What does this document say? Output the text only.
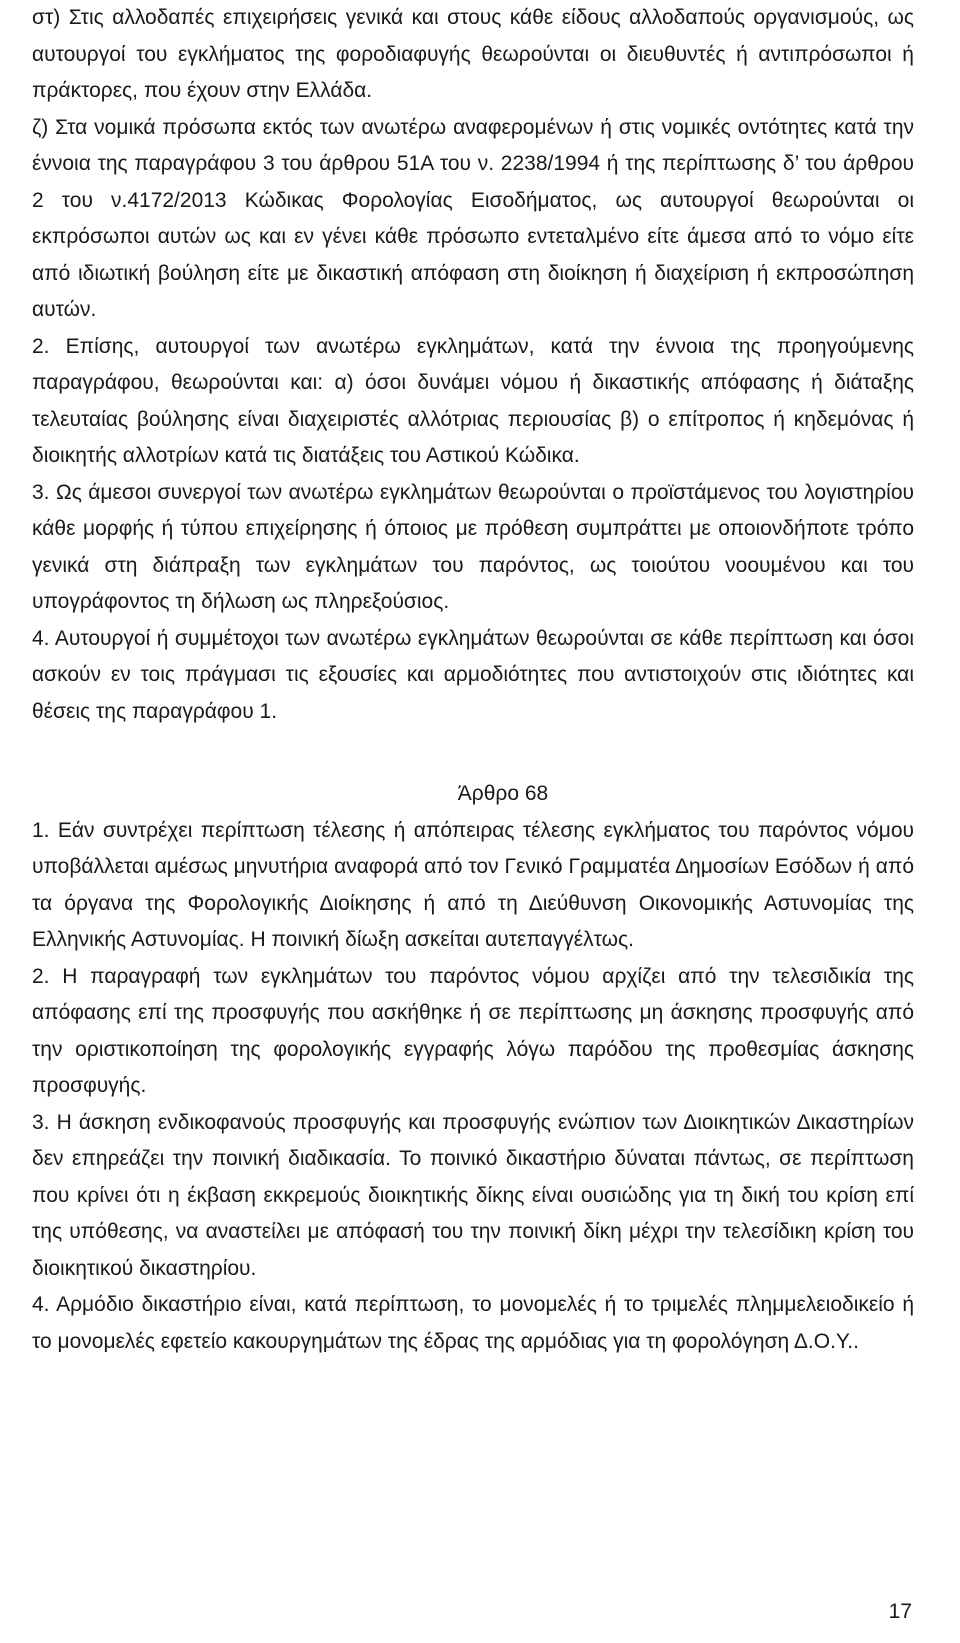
στ) Στις αλλοδαπές επιχειρήσεις γενικά και στους κάθε είδους αλλοδαπούς οργανισμούς, ως αυτουργοί του εγκλήματος της φοροδιαφυγής θεωρούνται οι διευθυντές ή αντιπρόσωποι ή πράκτορες, που έχουν στην Ελλάδα.

ζ) Στα νομικά πρόσωπα εκτός των ανωτέρω αναφερομένων ή στις νομικές οντότητες κατά την έννοια της παραγράφου 3 του άρθρου 51Α του ν. 2238/1994 ή της περίπτωσης δ’ του άρθρου 2 του ν.4172/2013 Κώδικας Φορολογίας Εισοδήματος, ως αυτουργοί θεωρούνται οι εκπρόσωποι αυτών ως και εν γένει κάθε πρόσωπο εντεταλμένο είτε άμεσα από το νόμο είτε από ιδιωτική βούληση είτε με δικαστική απόφαση στη διοίκηση ή διαχείριση ή εκπροσώπηση αυτών.

2. Επίσης, αυτουργοί των ανωτέρω εγκλημάτων, κατά την έννοια της προηγούμενης παραγράφου, θεωρούνται και: α) όσοι δυνάμει νόμου ή δικαστικής απόφασης ή διάταξης τελευταίας βούλησης είναι διαχειριστές αλλότριας περιουσίας β) ο επίτροπος ή κηδεμόνας ή διοικητής αλλοτρίων κατά τις διατάξεις του Αστικού Κώδικα.

3. Ως άμεσοι συνεργοί των ανωτέρω εγκλημάτων θεωρούνται ο προϊστάμενος του λογιστηρίου κάθε μορφής ή τύπου επιχείρησης ή όποιος με πρόθεση συμπράττει με οποιονδήποτε τρόπο γενικά στη διάπραξη των εγκλημάτων του παρόντος, ως τοιούτου νοουμένου και του υπογράφοντος τη δήλωση ως πληρεξούσιος.

4. Αυτουργοί ή συμμέτοχοι των ανωτέρω εγκλημάτων θεωρούνται σε κάθε περίπτωση και όσοι ασκούν εν τοις πράγμασι τις εξουσίες και αρμοδιότητες που αντιστοιχούν στις ιδιότητες και θέσεις της παραγράφου 1.

Άρθρο 68

1. Εάν συντρέχει περίπτωση τέλεσης ή απόπειρας τέλεσης εγκλήματος του παρόντος νόμου υποβάλλεται αμέσως μηνυτήρια αναφορά από τον Γενικό Γραμματέα Δημοσίων Εσόδων ή από τα όργανα της Φορολογικής Διοίκησης ή από τη Διεύθυνση Οικονομικής Αστυνομίας της Ελληνικής Αστυνομίας. Η ποινική δίωξη ασκείται αυτεπαγγέλτως.

2. Η παραγραφή των εγκλημάτων του παρόντος νόμου αρχίζει από την τελεσιδικία της απόφασης επί της προσφυγής που ασκήθηκε ή σε περίπτωσης μη άσκησης προσφυγής από την οριστικοποίηση της φορολογικής εγγραφής λόγω παρόδου της προθεσμίας άσκησης προσφυγής.

3. Η άσκηση ενδικοφανούς προσφυγής και προσφυγής ενώπιον των Διοικητικών Δικαστηρίων δεν επηρεάζει την ποινική διαδικασία. Το ποινικό δικαστήριο δύναται πάντως, σε περίπτωση που κρίνει ότι η έκβαση εκκρεμούς διοικητικής δίκης είναι ουσιώδης για τη δική του κρίση επί της υπόθεσης, να αναστείλει με απόφασή του την ποινική δίκη μέχρι την τελεσίδικη κρίση του διοικητικού δικαστηρίου.

4. Αρμόδιο δικαστήριο είναι, κατά περίπτωση, το μονομελές ή το τριμελές πλημμελειοδικείο ή το μονομελές εφετείο κακουργημάτων της έδρας της αρμόδιας για τη φορολόγηση Δ.Ο.Υ..

17
